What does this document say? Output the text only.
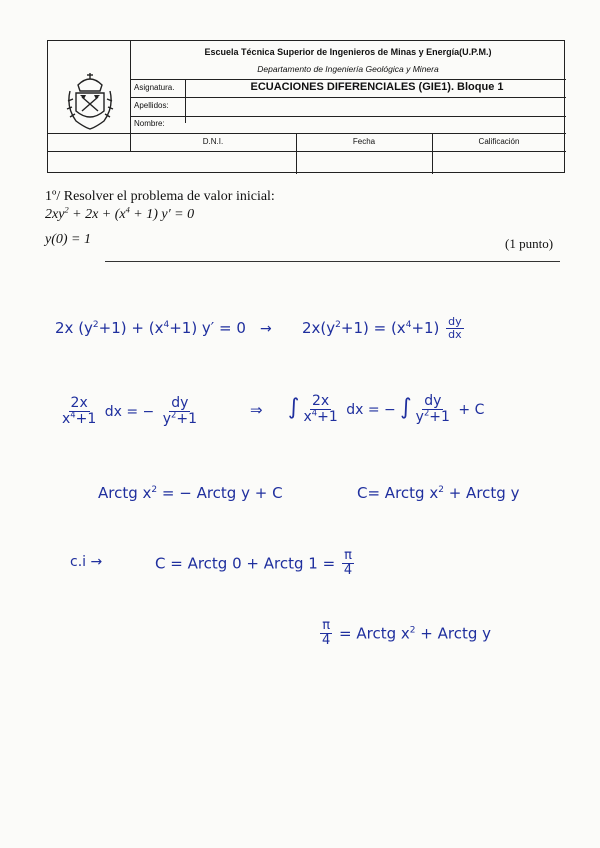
Escuela Técnica Superior de Ingenieros de Minas y Energía(U.P.M.)
Departamento de Ingeniería Geológica y Minera
Asignatura.	ECUACIONES DIFERENCIALES (GIE1). Bloque 1
Apellidos:
Nombre:
D.N.I.	Fecha	Calificación
1º/ Resolver el problema de valor inicial:
$2xy^2 + 2x + (x^4 + 1) y' = 0$
y(0) = 1	(1 punto)
2x $(y^2+1) + (x^4+1) y' = 0 \to 2x(y^2+1) = (x^4+1) \frac{dy}{dx}$
$\frac{2x}{x^4+1}$ dx = − $\frac{dy}{y^2+1}$	⇒ ∫ $\frac{2x}{x^4+1}$ dx = − ∫ $\frac{dy}{y^2+1} + C$
Arctg $x^2$ = − Arctg y + C	C= Arctg $x^2$ + Arctg y
c.i →	C = Arctg 0 + Arctg $1 = \frac{\pi}{4}$
$\frac{\pi}{4}$ = Arctg $x^2$ + Arctg y
